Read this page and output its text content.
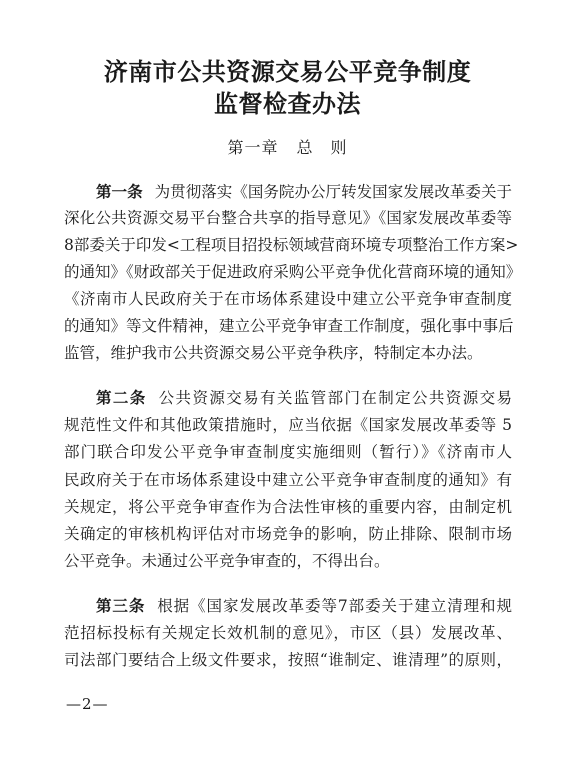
济南市公共资源交易公平竞争制度
监督检查办法
第一章 总　则
第一条 为贯彻落实《国务院办公厅转发国家发展改革委关于
深化公共资源交易平台整合共享的指导意见》《国家发展改革委等
8部委关于印发<工程项目招投标领域营商环境专项整治工作方案>
的通知》《财政部关于促进政府采购公平竞争优化营商环境的通知》
《济南市人民政府关于在市场体系建设中建立公平竞争审查制度
的通知》等文件精神，建立公平竞争审查工作制度，强化事中事后
监管，维护我市公共资源交易公平竞争秩序，特制定本办法。
第二条 公共资源交易有关监管部门在制定公共资源交易
规范性文件和其他政策措施时，应当依据《国家发展改革委等 5
部门联合印发公平竞争审查制度实施细则（暂行）》《济南市人
民政府关于在市场体系建设中建立公平竞争审查制度的通知》有
关规定，将公平竞争审查作为合法性审核的重要内容，由制定机
关确定的审核机构评估对市场竞争的影响，防止排除、限制市场
公平竞争。未通过公平竞争审查的，不得出台。
第三条 根据《国家发展改革委等7部委关于建立清理和规
范招标投标有关规定长效机制的意见》，市区（县）发展改革、
司法部门要结合上级文件要求，按照“谁制定、谁清理”的原则，
—2—
